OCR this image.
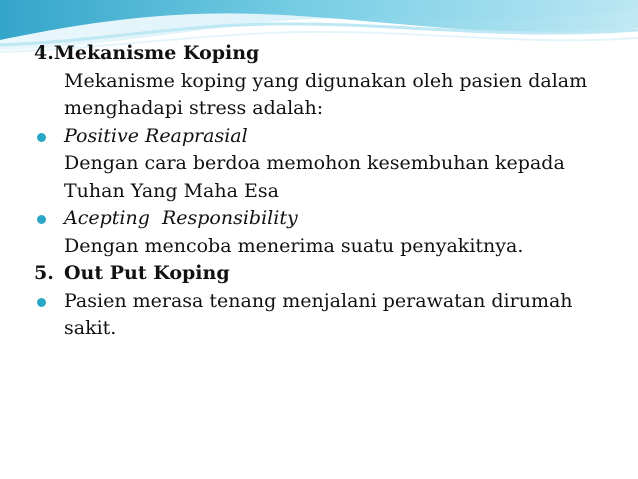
4.Mekanisme Koping
Mekanisme koping yang digunakan oleh pasien dalam
menghadapi stress adalah:
Positive Reaprasial
Dengan cara berdoa memohon kesembuhan kepada
Tuhan Yang Maha Esa
Acepting  Responsibility
Dengan mencoba menerima suatu penyakitnya.
5. Out Put Koping
Pasien merasa tenang menjalani perawatan dirumah
sakit.
